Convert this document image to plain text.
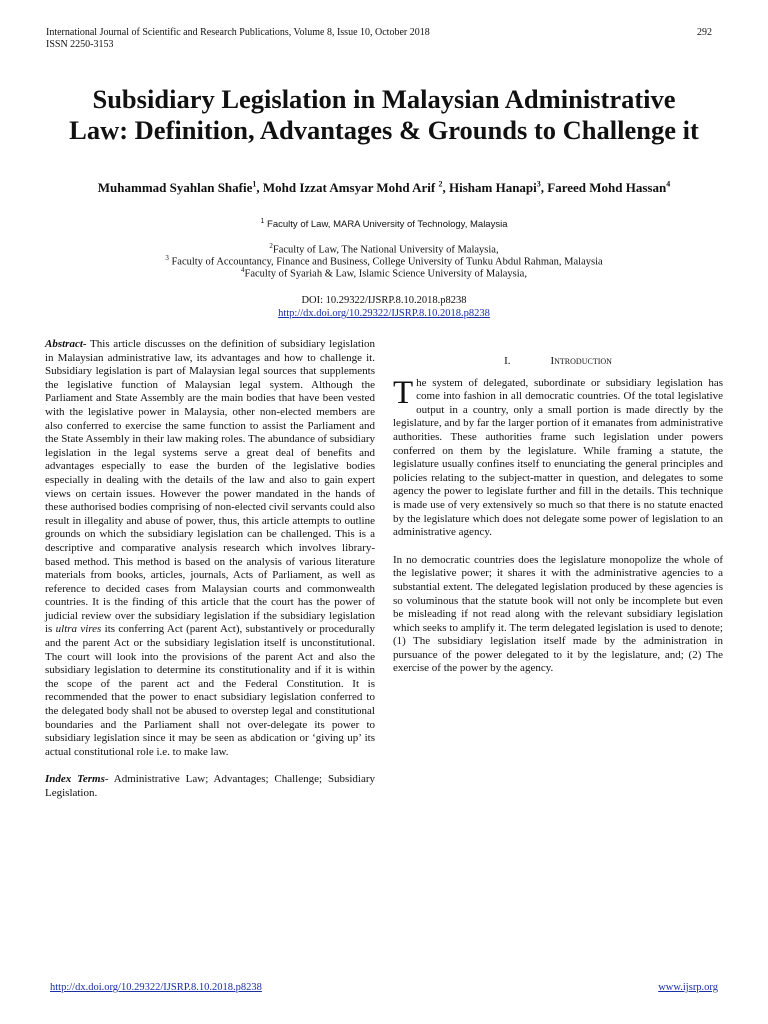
International Journal of Scientific and Research Publications, Volume 8, Issue 10, October 2018
ISSN 2250-3153
292
Subsidiary Legislation in Malaysian Administrative
Law: Definition, Advantages & Grounds to Challenge it
Muhammad Syahlan Shafie$^1$, Mohd Izzat Amsyar Mohd Arif $^2$, Hisham Hanapi$^3$, Fareed Mohd Hassan$^4$
$^1$ Faculty of Law, MARA University of Technology, Malaysia
$^2$Faculty of Law, The National University of Malaysia,
$^3$ Faculty of Accountancy, Finance and Business, College University of Tunku Abdul Rahman, Malaysia
$^4$Faculty of Syariah & Law, Islamic Science University of Malaysia,
DOI: 10.29322/IJSRP.8.10.2018.p8238
http://dx.doi.org/10.29322/IJSRP.8.10.2018.p8238

Abstract- This article discusses on the definition of subsidiary legislation in Malaysian administrative law, its advantages and how to challenge it. Subsidiary legislation is part of Malaysian legal sources that supplements the legislative function of Malaysian legal system. Although the Parliament and State Assembly are the main bodies that have been vested with the legislative power in Malaysia, other non-elected members are also conferred to exercise the same function to assist the Parliament and the State Assembly in their law making roles. The abundance of subsidiary legislation in the legal systems serve a great deal of benefits and advantages especially to ease the burden of the legislative bodies especially in dealing with the details of the law and also to gain expert views on certain issues. However the power mandated in the hands of these authorised bodies comprising of non-elected civil servants could also result in illegality and abuse of power, thus, this article attempts to outline grounds on which the subsidiary legislation can be challenged. This is a descriptive and comparative analysis research which involves library-based method. This method is based on the analysis of various literature materials from books, articles, journals, Acts of Parliament, as well as reference to decided cases from Malaysian courts and commonwealth countries. It is the finding of this article that the court has the power of judicial review over the subsidiary legislation if the subsidiary legislation is ultra vires its conferring Act (parent Act), substantively or procedurally and the parent Act or the subsidiary legislation itself is unconstitutional. The court will look into the provisions of the parent Act and also the subsidiary legislation to determine its constitutionality and if it is within the scope of the parent act and the Federal Constitution. It is recommended that the power to enact subsidiary legislation conferred to the delegated body shall not be abused to overstep legal and constitutional boundaries and the Parliament shall not over-delegate its power to subsidiary legislation since it may be seen as abdication or ‘giving up’ its actual constitutional role i.e. to make law.

Index Terms- Administrative Law; Advantages; Challenge; Subsidiary Legislation.

I.	Introduction

The system of delegated, subordinate or subsidiary legislation has come into fashion in all democratic countries. Of the total legislative output in a country, only a small portion is made directly by the legislature, and by far the larger portion of it emanates from administrative authorities. These authorities frame such legislation under powers conferred on them by the legislature. While framing a statute, the legislature usually confines itself to enunciating the general principles and policies relating to the subject-matter in question, and delegates to some agency the power to legislate further and fill in the details. This technique is made use of very extensively so much so that there is no statute enacted by the legislature which does not delegate some power of legislation to an administrative agency.

In no democratic countries does the legislature monopolize the whole of the legislative power; it shares it with the administrative agencies to a substantial extent. The delegated legislation produced by these agencies is so voluminous that the statute book will not only be incomplete but even be misleading if not read along with the relevant subsidiary legislation which seeks to amplify it. The term delegated legislation is used to denote; (1) The subsidiary legislation itself made by the administration in pursuance of the power delegated to it by the legislature, and; (2) The exercise of the power by the agency.

http://dx.doi.org/10.29322/IJSRP.8.10.2018.p8238	www.ijsrp.org
